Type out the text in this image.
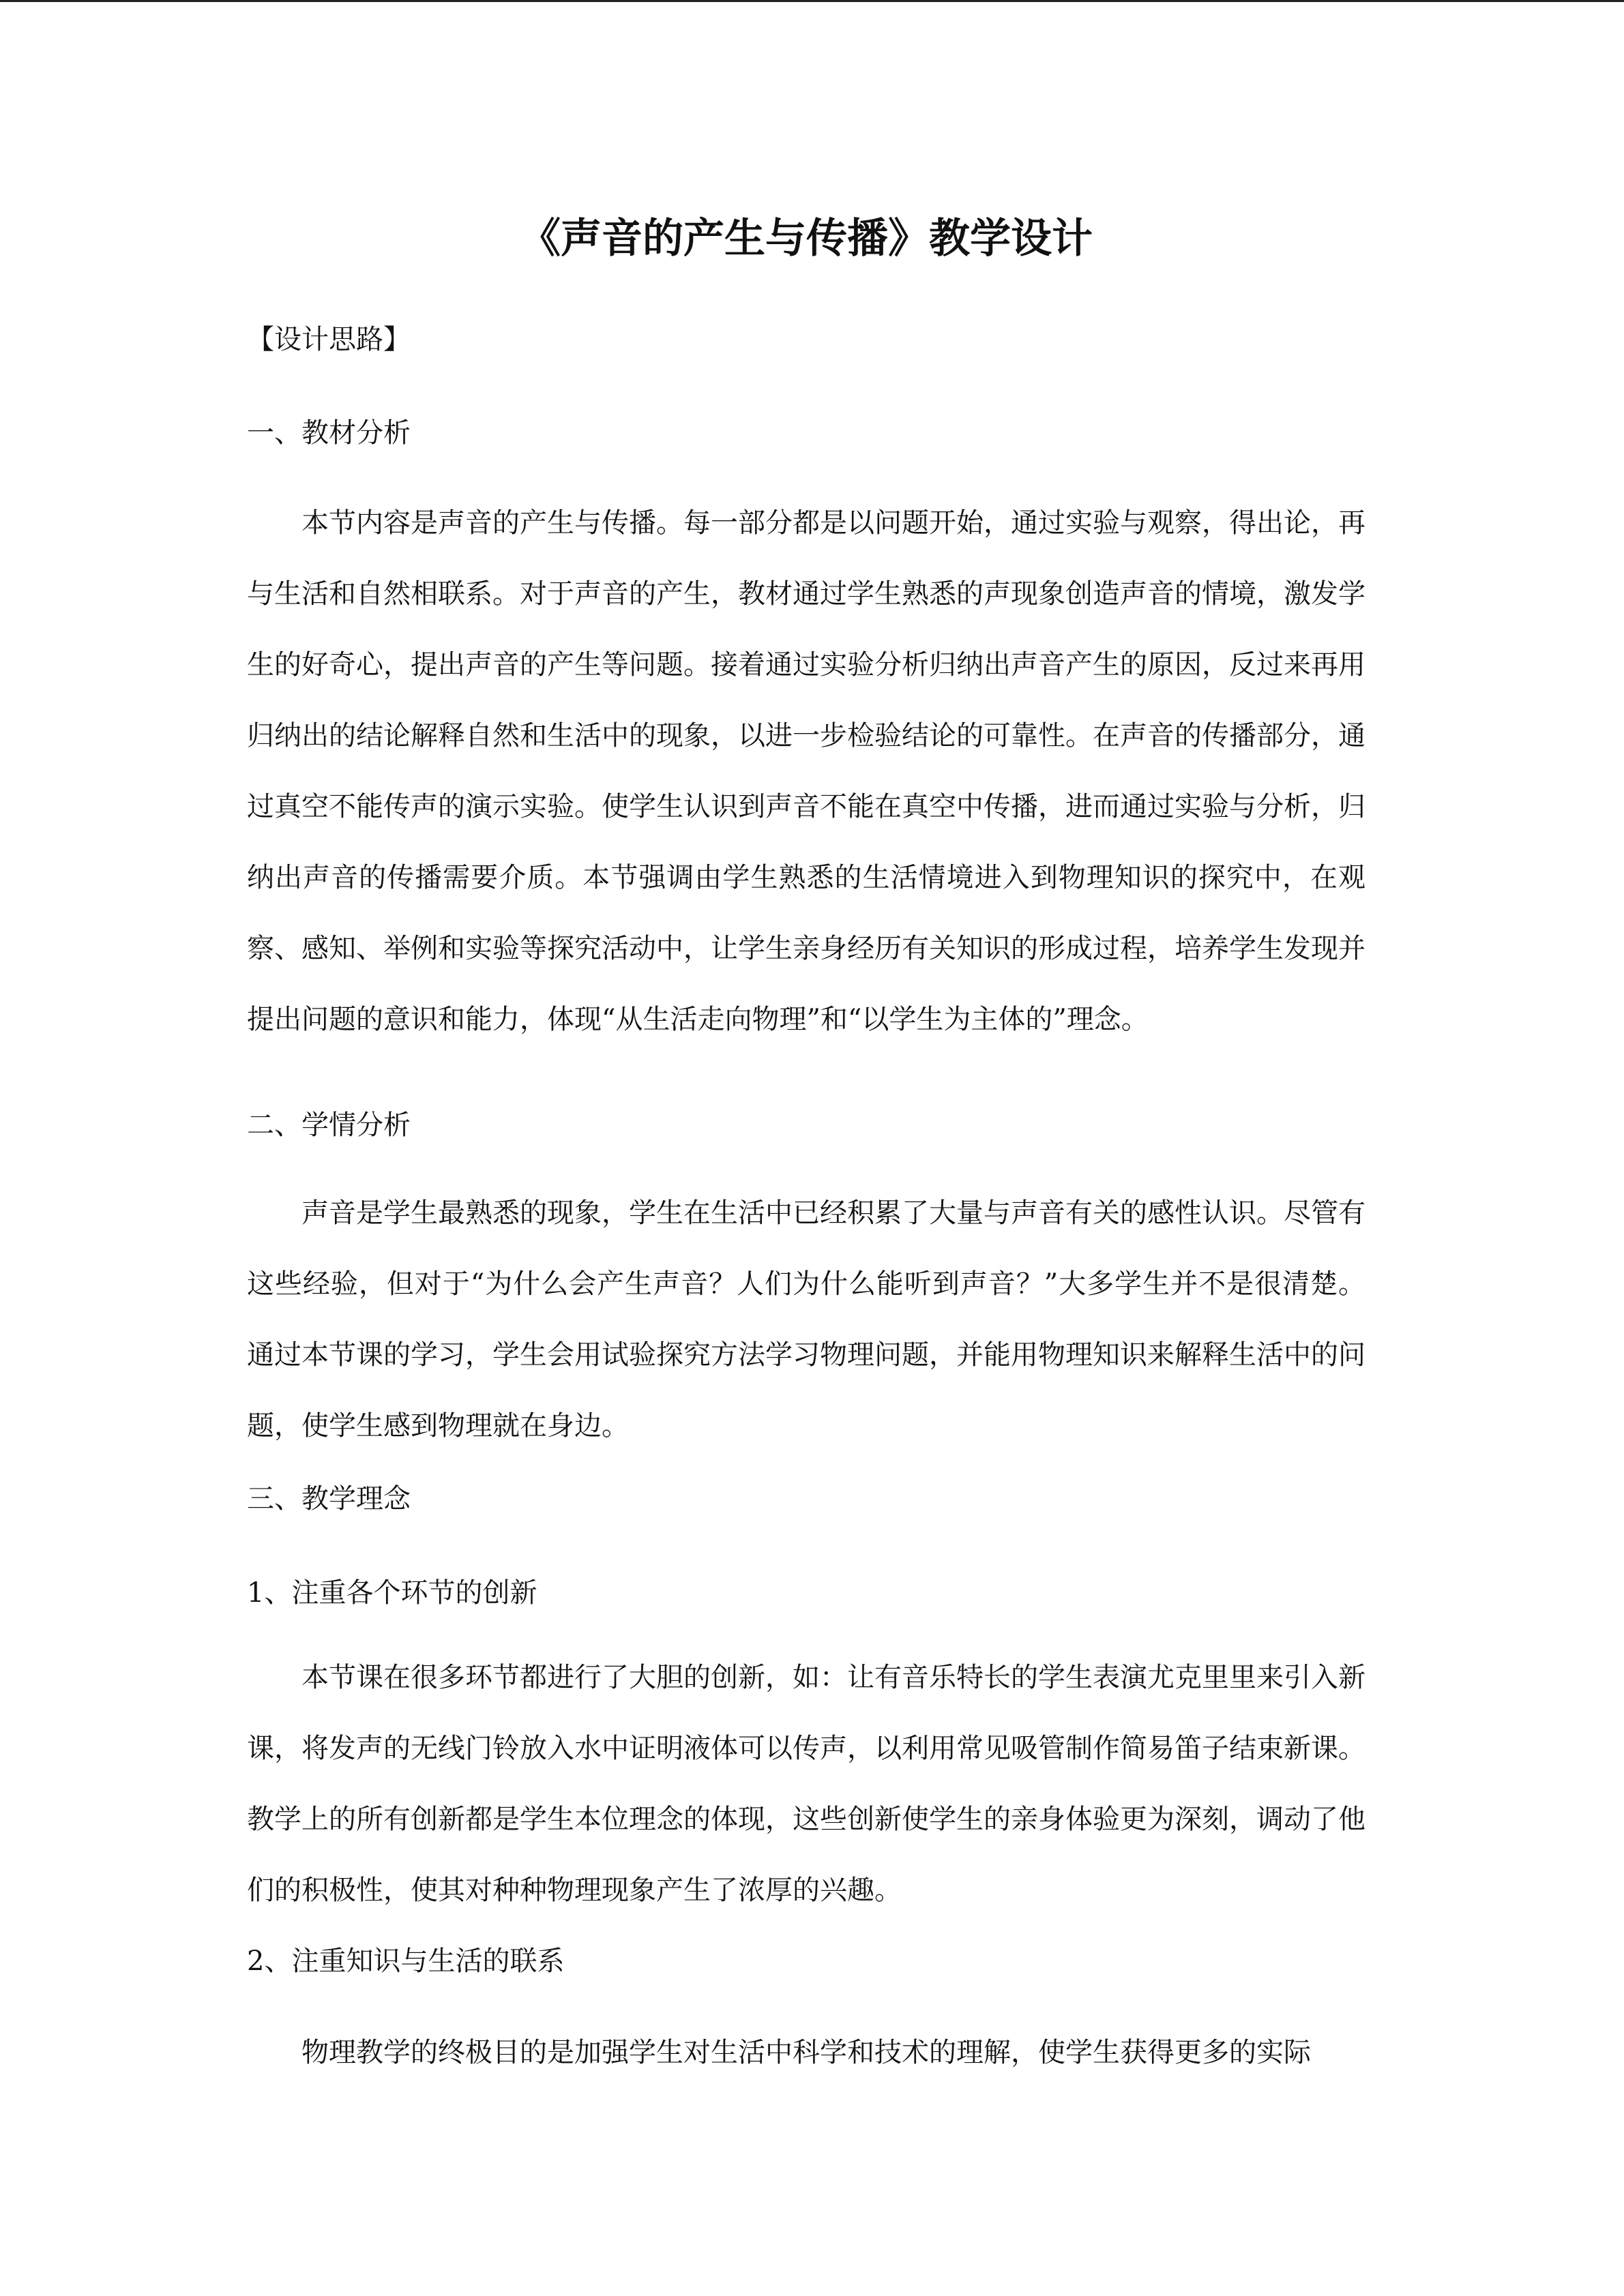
《声音的产生与传播》教学设计
【设计思路】
一、教材分析

本节内容是声音的产生与传播。每一部分都是以问题开始，通过实验与观察，得出论，再与生活和自然相联系。对于声音的产生，教材通过学生熟悉的声现象创造声音的情境，激发学生的好奇心，提出声音的产生等问题。接着通过实验分析归纳出声音产生的原因，反过来再用归纳出的结论解释自然和生活中的现象，以进一步检验结论的可靠性。在声音的传播部分，通过真空不能传声的演示实验。使学生认识到声音不能在真空中传播，进而通过实验与分析，归纳出声音的传播需要介质。本节强调由学生熟悉的生活情境进入到物理知识的探究中，在观察、感知、举例和实验等探究活动中，让学生亲身经历有关知识的形成过程，培养学生发现并提出问题的意识和能力，体现“从生活走向物理”和“以学生为主体的”理念。

二、学情分析

声音是学生最熟悉的现象，学生在生活中已经积累了大量与声音有关的感性认识。尽管有这些经验，但对于“为什么会产生声音？人们为什么能听到声音？”大多学生并不是很清楚。通过本节课的学习，学生会用试验探究方法学习物理问题，并能用物理知识来解释生活中的问题，使学生感到物理就在身边。

三、教学理念
1、注重各个环节的创新

本节课在很多环节都进行了大胆的创新，如：让有音乐特长的学生表演尤克里里来引入新课，将发声的无线门铃放入水中证明液体可以传声，以利用常见吸管制作简易笛子结束新课。教学上的所有创新都是学生本位理念的体现，这些创新使学生的亲身体验更为深刻，调动了他们的积极性，使其对种种物理现象产生了浓厚的兴趣。

2、注重知识与生活的联系

物理教学的终极目的是加强学生对生活中科学和技术的理解，使学生获得更多的实际
